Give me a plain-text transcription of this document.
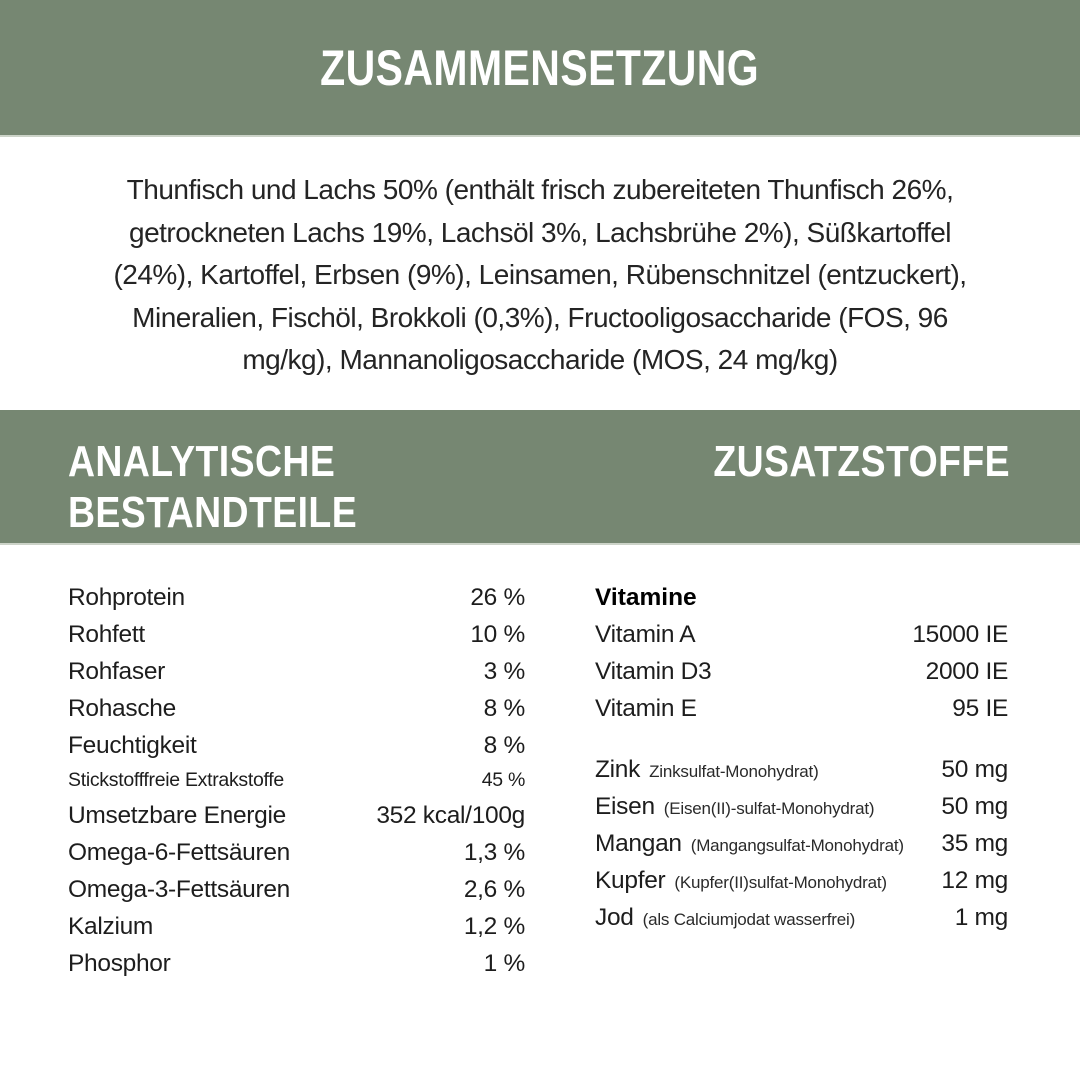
ZUSAMMENSETZUNG
Thunfisch und Lachs 50% (enthält frisch zubereiteten Thunfisch 26%,
getrockneten Lachs 19%, Lachsöl 3%, Lachsbrühe 2%), Süßkartoffel
(24%), Kartoffel, Erbsen (9%), Leinsamen, Rübenschnitzel (entzuckert),
Mineralien, Fischöl, Brokkoli (0,3%), Fructooligosaccharide (FOS, 96
mg/kg), Mannanoligosaccharide (MOS, 24 mg/kg)
ANALYTISCHE
BESTANDTEILE
ZUSATZSTOFFE
Rohprotein	26 %
Rohfett	10 %
Rohfaser	3 %
Rohasche	8 %
Feuchtigkeit	8 %
Stickstofffreie Extrakstoffe	45 %
Umsetzbare Energie	352 kcal/100g
Omega-6-Fettsäuren	1,3 %
Omega-3-Fettsäuren	2,6 %
Kalzium	1,2 %
Phosphor	1 %
Vitamine
Vitamin A	15000 IE
Vitamin D3	2000 IE
Vitamin E	95 IE
Zink Zinksulfat-Monohydrat)	50 mg
Eisen (Eisen(II)-sulfat-Monohydrat)	50 mg
Mangan (Mangangsulfat-Monohydrat) 35 mg
Kupfer (Kupfer(II)sulfat-Monohydrat) 12 mg
Jod (als Calciumjodat wasserfrei)	1 mg
